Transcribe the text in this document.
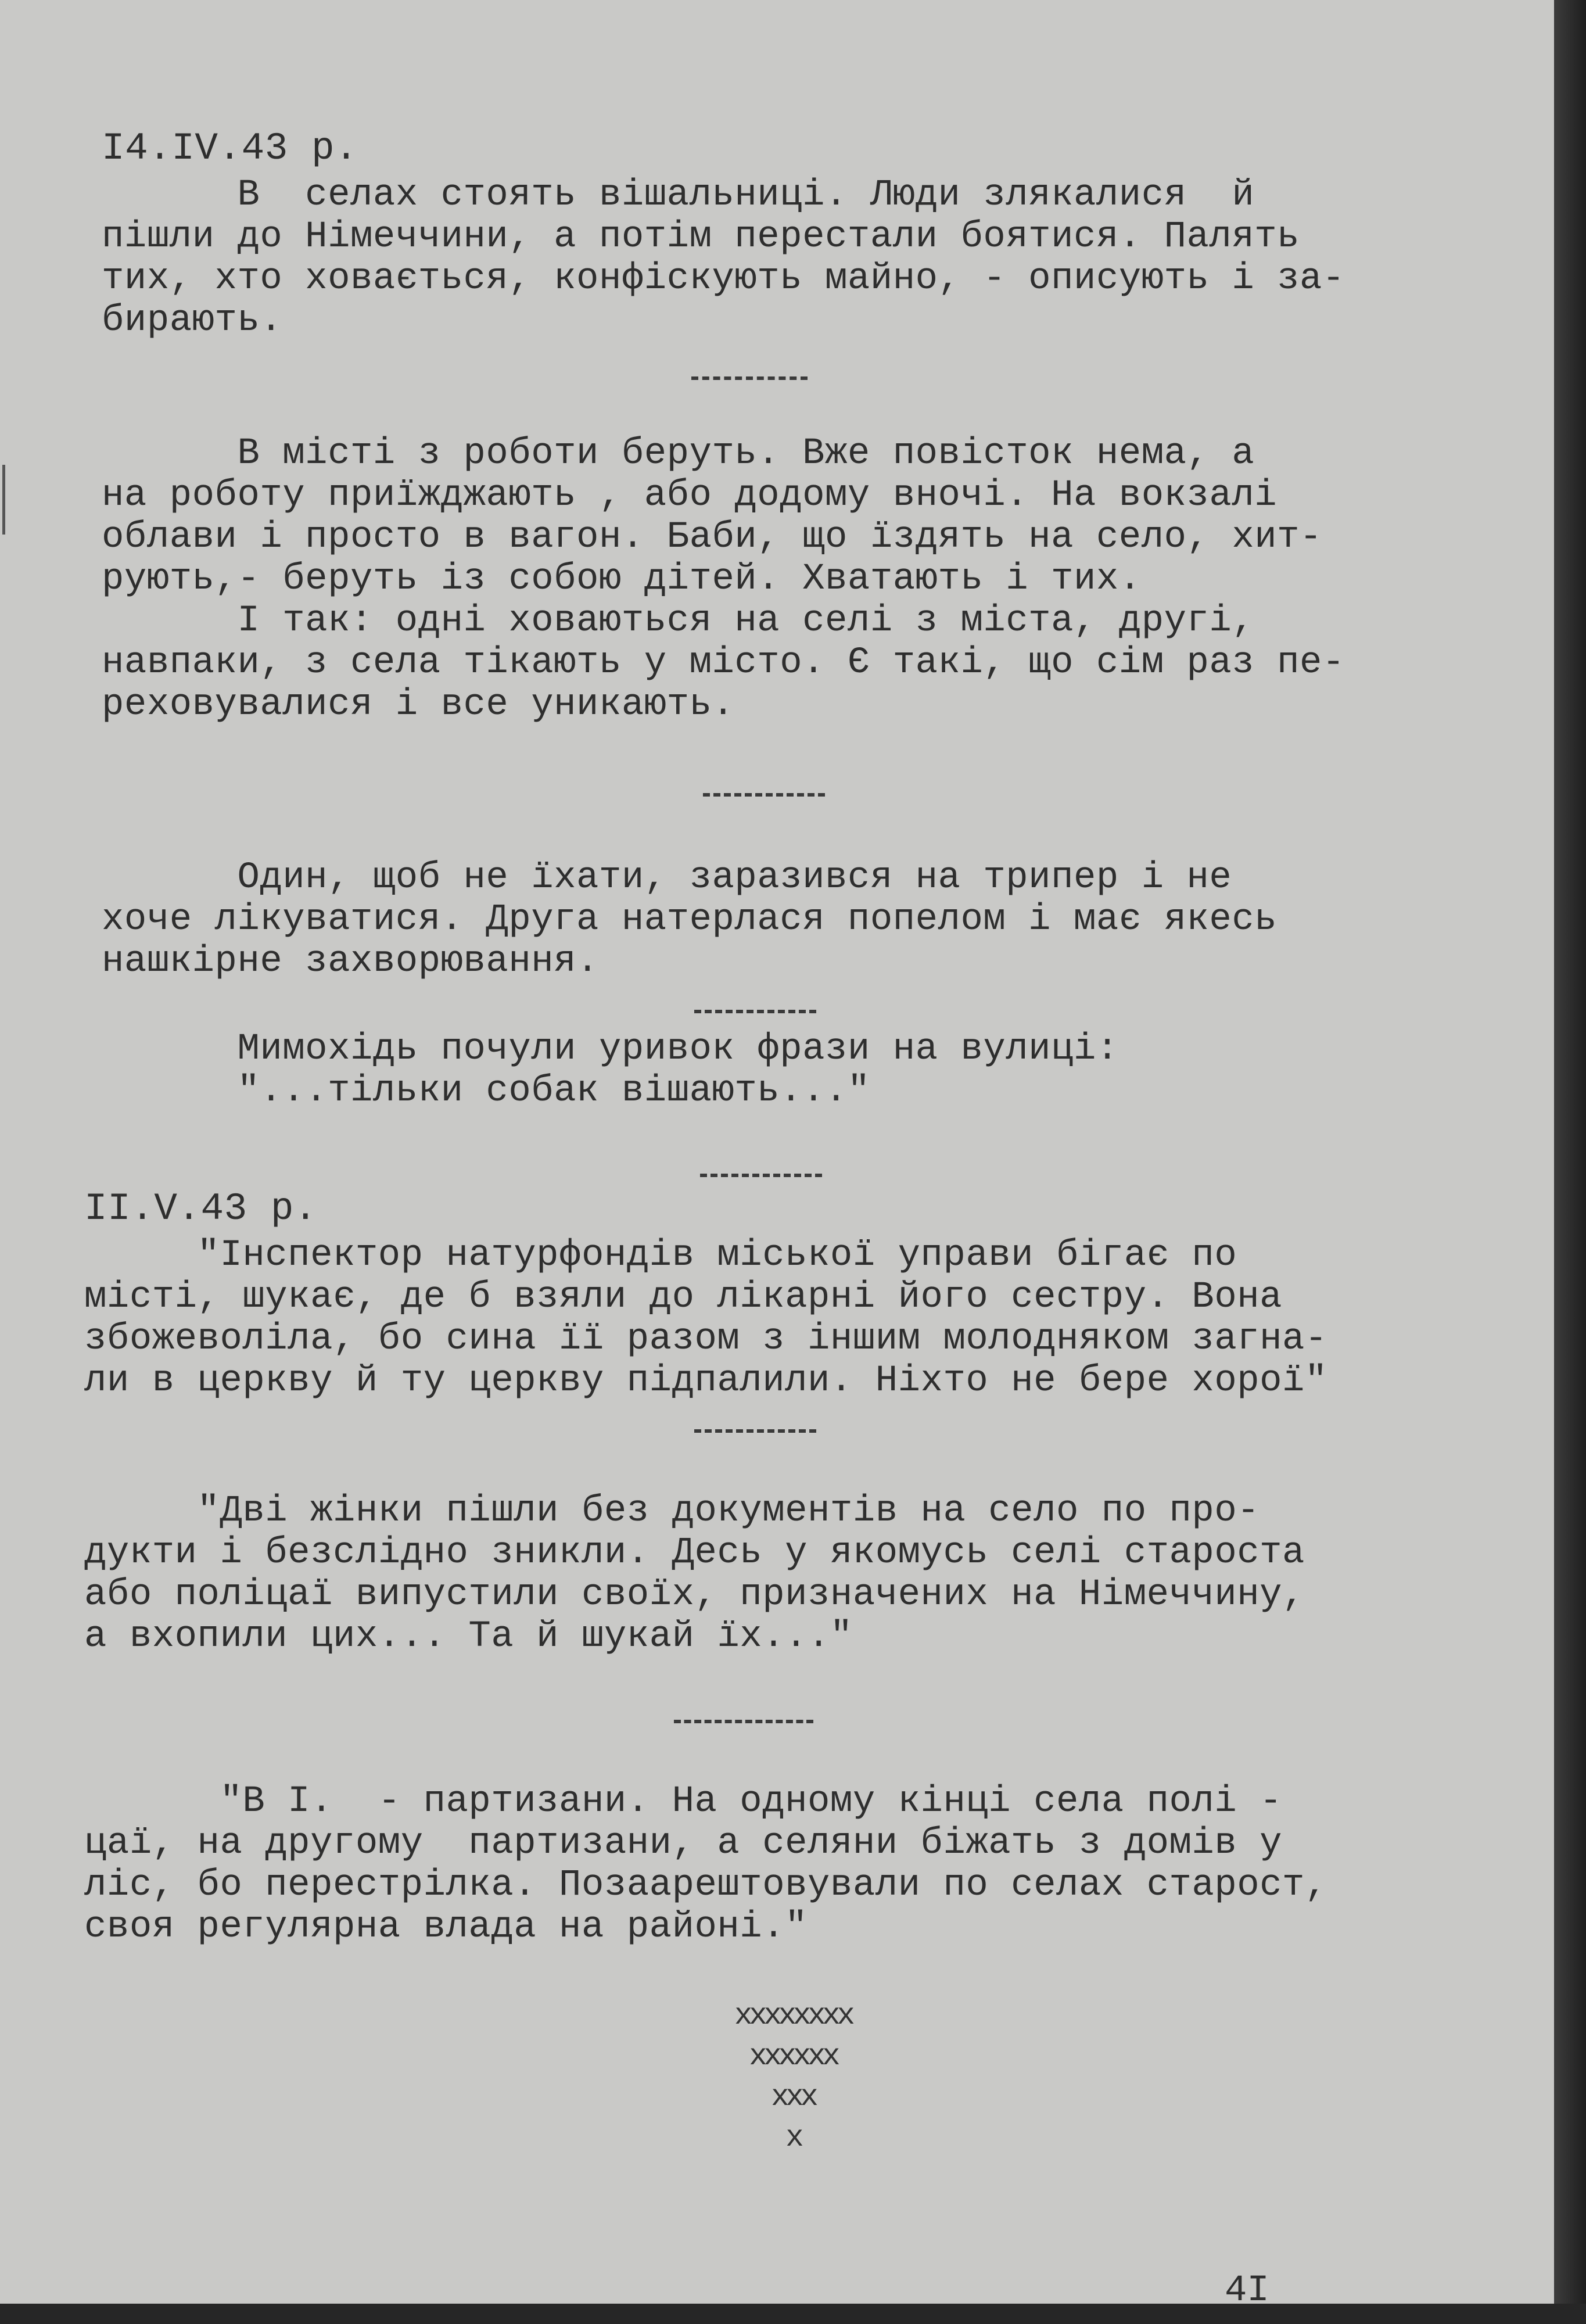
I4.IV.43 р.
В  селах стоять вішальниці. Люди злякалися  й
пішли до Німеччини, а потім перестали боятися. Палять
тих, хто ховається, конфіскують майно, - описують і за-
бирають.
В місті з роботи беруть. Вже повісток нема, а
на роботу приїжджають , або додому вночі. На вокзалі
облави і просто в вагон. Баби, що їздять на село, хит-
рують,- беруть із собою дітей. Хватають і тих.
І так: одні ховаються на селі з міста, другі,
навпаки, з села тікають у місто. Є такі, що сім раз пе-
реховувалися і все уникають.
Один, щоб не їхати, заразився на трипер і не
хоче лікуватися. Друга натерлася попелом і має якесь
нашкірне захворювання.
Мимохідь почули уривок фрази на вулиці:
"...тільки собак вішають..."
II.V.43 р.
"Інспектор натурфондів міської управи бігає по
місті, шукає, де б взяли до лікарні його сестру. Вона
збожеволіла, бо сина її разом з іншим молодняком загна-
ли в церкву й ту церкву підпалили. Ніхто не бере хорої"
"Дві жінки пішли без документів на село по про-
дукти і безслідно зникли. Десь у якомусь селі староста
або поліцаї випустили своїх, призначених на Німеччину,
а вхопили цих... Та й шукай їх..."
"В І.  - партизани. На одному кінці села полі -
цаї, на другому  партизани, а селяни біжать з домів у
ліс, бо перестрілка. Позаарештовували по селах старост,
своя регулярна влада на районі."
хххххххх
хххххх
ххх
х
4I
